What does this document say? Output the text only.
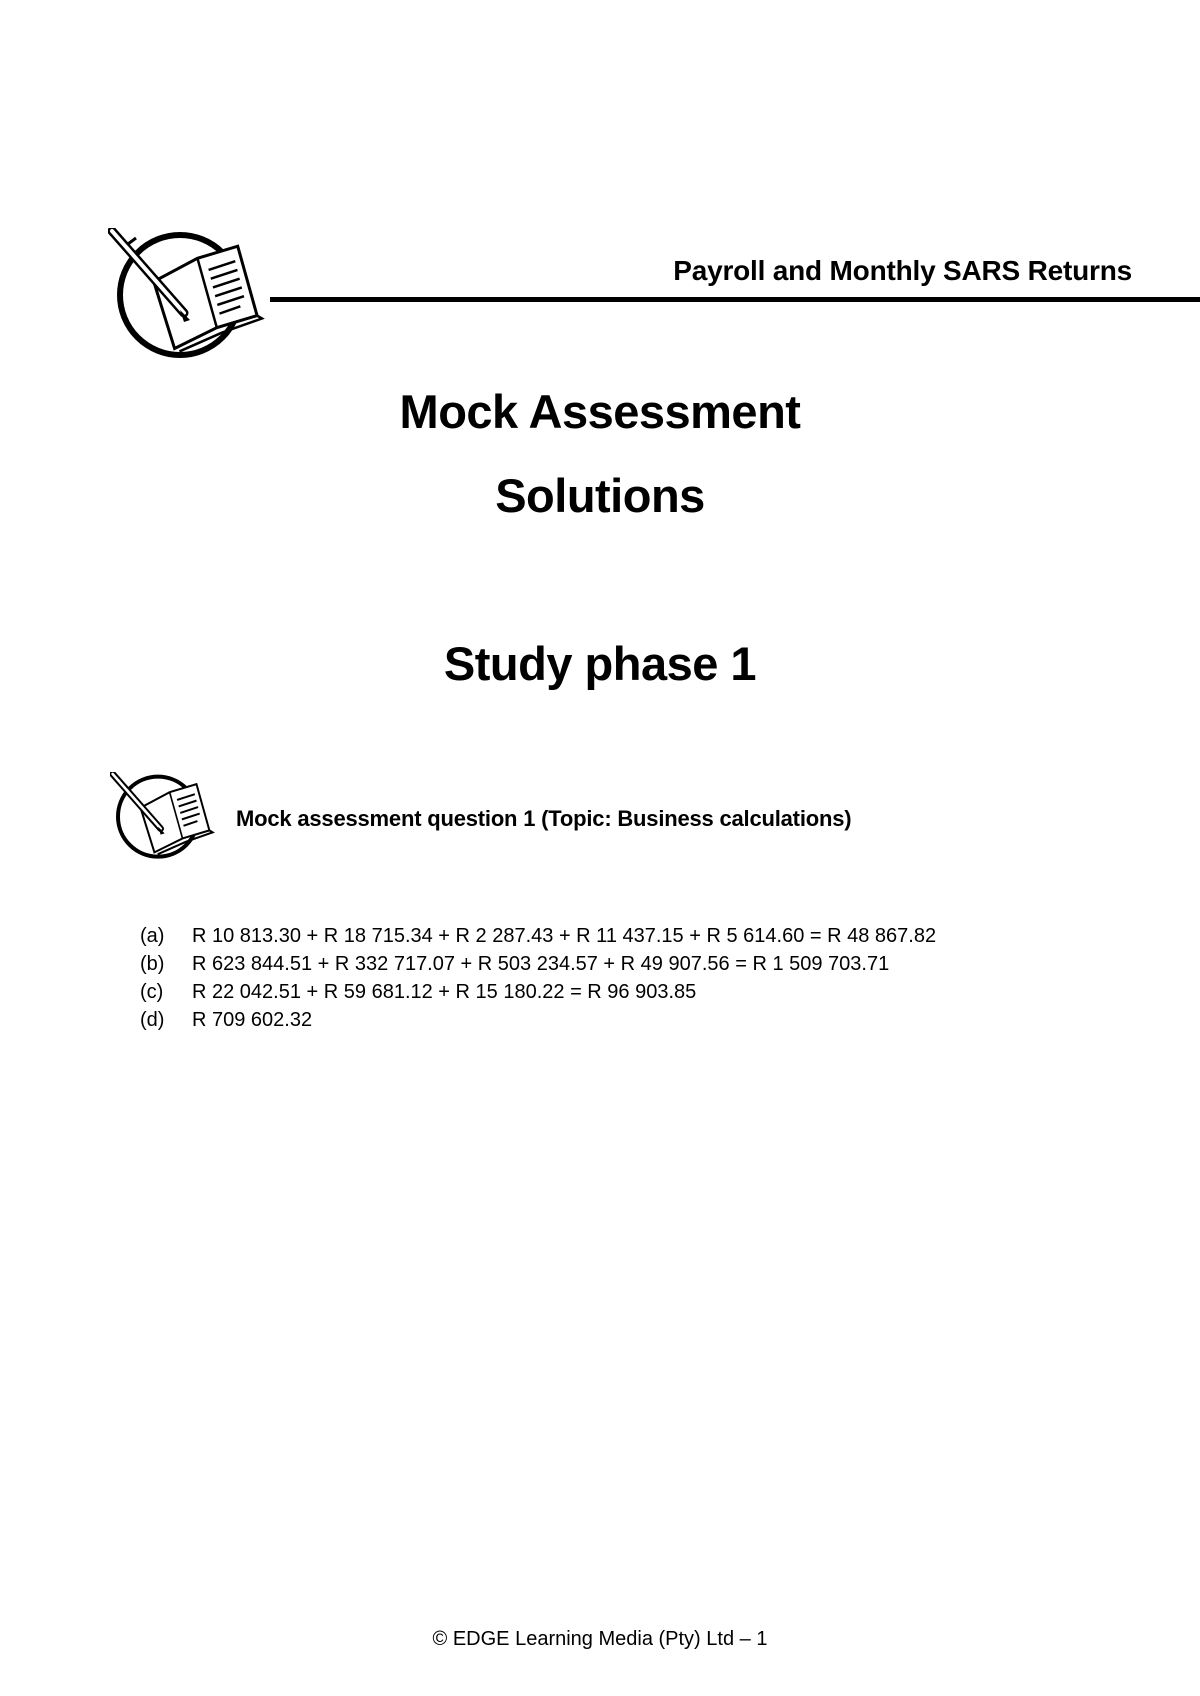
Payroll and Monthly SARS Returns
Mock Assessment
Solutions
Study phase 1
Mock assessment question 1 (Topic: Business calculations)
(a) R 10 813.30 + R 18 715.34 + R 2 287.43 + R 11 437.15 + R 5 614.60 = R 48 867.82
(b) R 623 844.51 + R 332 717.07 + R 503 234.57 + R 49 907.56 = R 1 509 703.71
(c) R 22 042.51 + R 59 681.12 + R 15 180.22 = R 96 903.85
(d) R 709 602.32
© EDGE Learning Media (Pty) Ltd – 1
